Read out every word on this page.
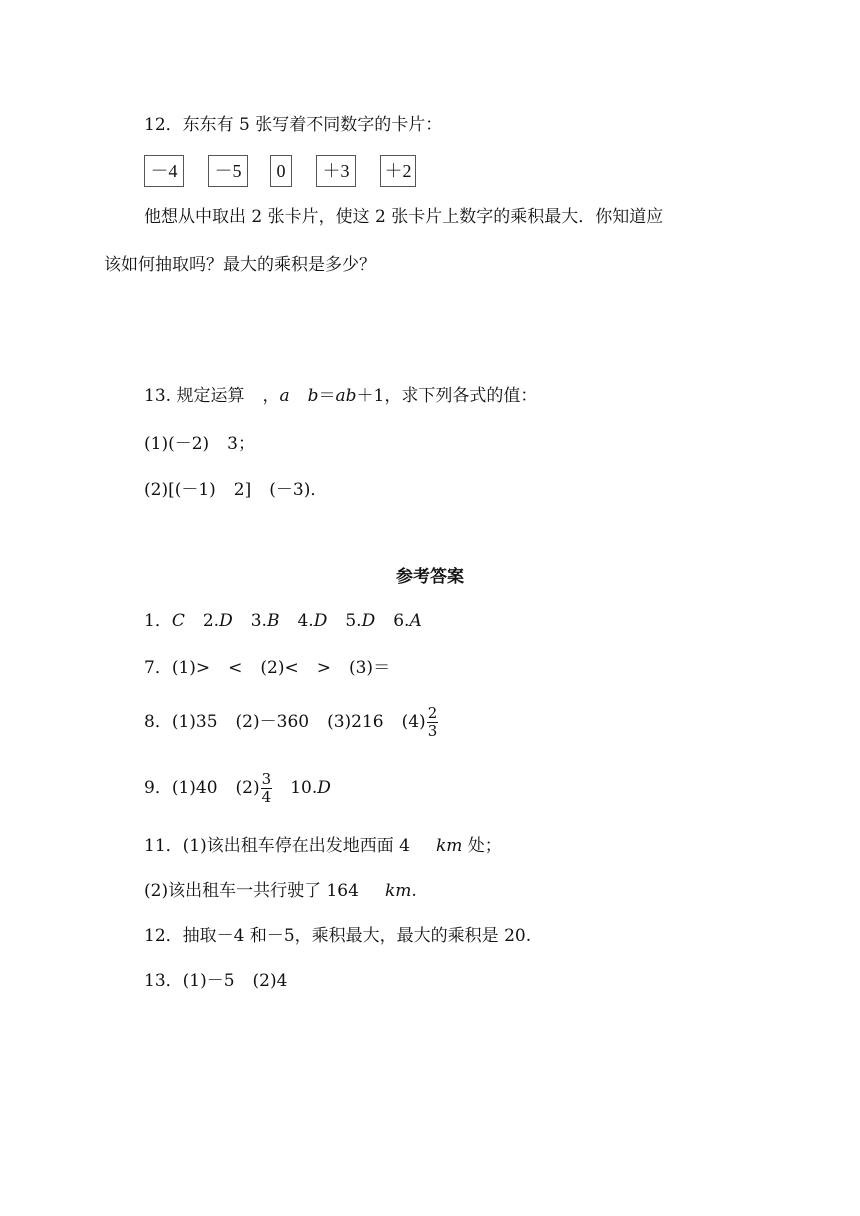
12．东东有 5 张写着不同数字的卡片：
－4	－5	0	＋3	＋2
他想从中取出 2 张卡片，使这 2 张卡片上数字的乘积最大．你知道应
该如何抽取吗？最大的乘积是多少？
13. 规定运算 ，a b＝ab＋1，求下列各式的值：
(1)(－2) 3；
(2)[(－1) 2] (－3)．
参考答案
1．C 2.D 3.B 4.D 5.D 6.A
7．(1)> < (2)< > (3)＝
8．(1)35 (2)－360 (3)216 $(4) \frac{2}{3}$
9．(1)40 $(2) \frac{3}{4} 10.D$
11．(1)该出租车停在出发地西面 4 km 处；
(2)该出租车一共行驶了 164 km.
12．抽取－4 和－5，乘积最大，最大的乘积是 20.
13．(1)－5 (2)4
